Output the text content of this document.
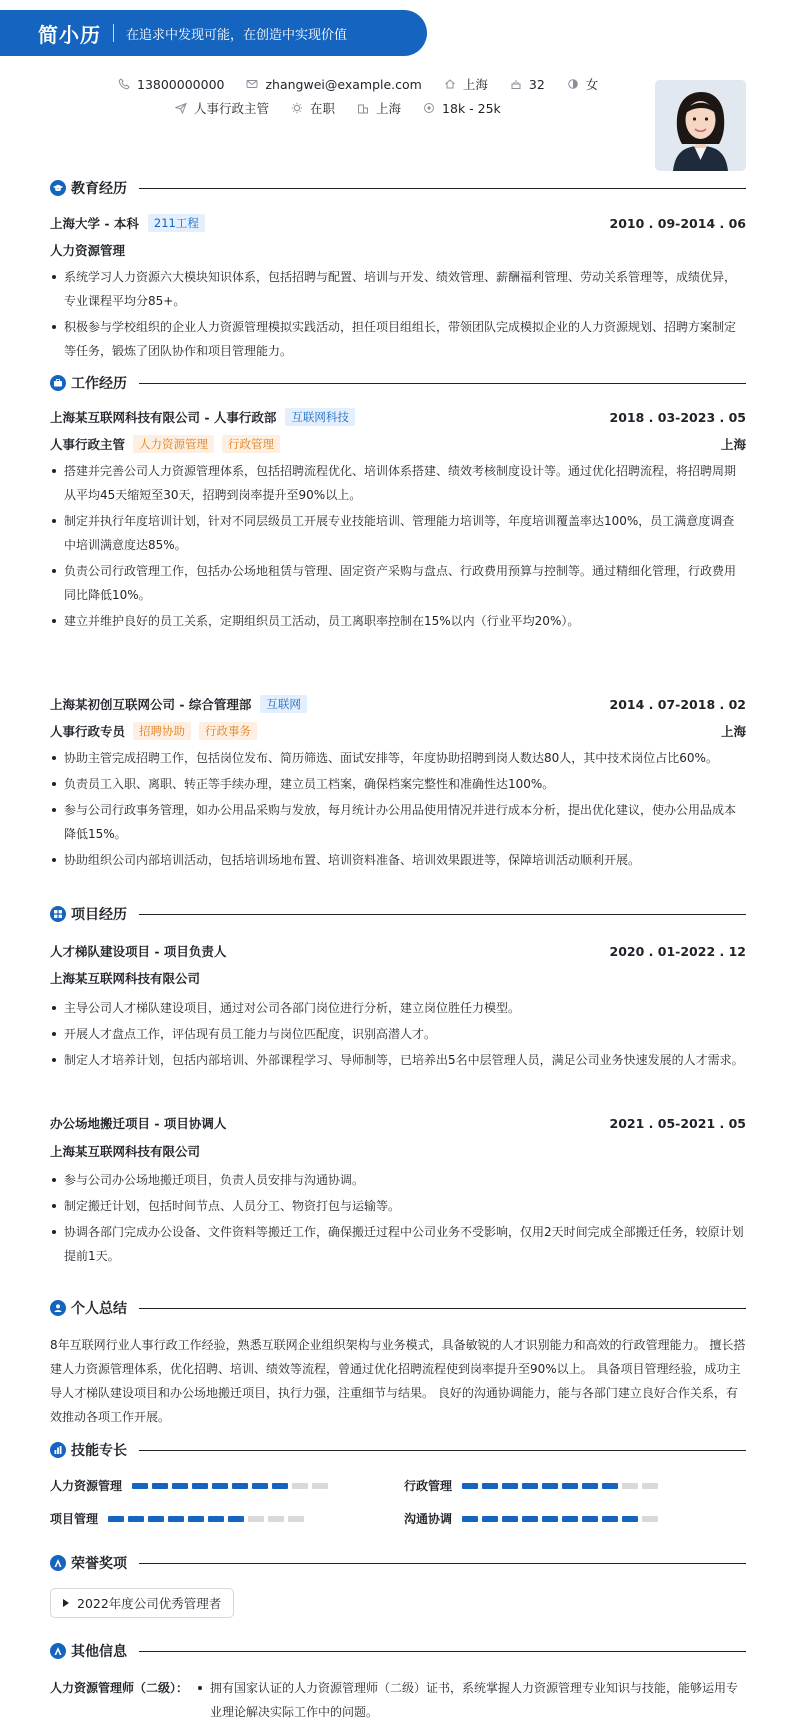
简小历 在追求中发现可能，在创造中实现价值
13800000000	zhangwei@example.com	上海	32	女
人事行政主管	在职	上海	18k - 25k
教育经历
上海大学 - 本科	211工程	2010 . 09-2014 . 06
人力资源管理
系统学习人力资源六大模块知识体系，包括招聘与配置、培训与开发、绩效管理、薪酬福利管理、劳动关系管理等，成绩优异，专业课程平均分85+。
积极参与学校组织的企业人力资源管理模拟实践活动，担任项目组组长，带领团队完成模拟企业的人力资源规划、招聘方案制定等任务，锻炼了团队协作和项目管理能力。
工作经历
上海某互联网科技有限公司 - 人事行政部	互联网科技	2018 . 03-2023 . 05
人事行政主管	人力资源管理	行政管理	上海
搭建并完善公司人力资源管理体系，包括招聘流程优化、培训体系搭建、绩效考核制度设计等。通过优化招聘流程，将招聘周期从平均45天缩短至30天，招聘到岗率提升至90%以上。
制定并执行年度培训计划，针对不同层级员工开展专业技能培训、管理能力培训等，年度培训覆盖率达100%，员工满意度调查中培训满意度达85%。
负责公司行政管理工作，包括办公场地租赁与管理、固定资产采购与盘点、行政费用预算与控制等。通过精细化管理，行政费用同比降低10%。
建立并维护良好的员工关系，定期组织员工活动，员工离职率控制在15%以内（行业平均20%）。
上海某初创互联网公司 - 综合管理部	互联网	2014 . 07-2018 . 02
人事行政专员	招聘协助	行政事务	上海
协助主管完成招聘工作，包括岗位发布、简历筛选、面试安排等，年度协助招聘到岗人数达80人，其中技术岗位占比60%。
负责员工入职、离职、转正等手续办理，建立员工档案，确保档案完整性和准确性达100%。
参与公司行政事务管理，如办公用品采购与发放，每月统计办公用品使用情况并进行成本分析，提出优化建议，使办公用品成本降低15%。
协助组织公司内部培训活动，包括培训场地布置、培训资料准备、培训效果跟进等，保障培训活动顺利开展。
项目经历
人才梯队建设项目 - 项目负责人	2020 . 01-2022 . 12
上海某互联网科技有限公司
主导公司人才梯队建设项目，通过对公司各部门岗位进行分析，建立岗位胜任力模型。
开展人才盘点工作，评估现有员工能力与岗位匹配度，识别高潜人才。
制定人才培养计划，包括内部培训、外部课程学习、导师制等，已培养出5名中层管理人员，满足公司业务快速发展的人才需求。
办公场地搬迁项目 - 项目协调人	2021 . 05-2021 . 05
上海某互联网科技有限公司
参与公司办公场地搬迁项目，负责人员安排与沟通协调。
制定搬迁计划，包括时间节点、人员分工、物资打包与运输等。
协调各部门完成办公设备、文件资料等搬迁工作，确保搬迁过程中公司业务不受影响，仅用2天时间完成全部搬迁任务，较原计划提前1天。
个人总结
8年互联网行业人事行政工作经验，熟悉互联网企业组织架构与业务模式，具备敏锐的人才识别能力和高效的行政管理能力。 擅长搭建人力资源管理体系，优化招聘、培训、绩效等流程，曾通过优化招聘流程使到岗率提升至90%以上。 具备项目管理经验，成功主导人才梯队建设项目和办公场地搬迁项目，执行力强，注重细节与结果。 良好的沟通协调能力，能与各部门建立良好合作关系，有效推动各项工作开展。
技能专长
人力资源管理	行政管理
项目管理	沟通协调
荣誉奖项
2022年度公司优秀管理者
其他信息
人力资源管理师（二级）：	拥有国家认证的人力资源管理师（二级）证书，系统掌握人力资源管理专业知识与技能，能够运用专业理论解决实际工作中的问题。
